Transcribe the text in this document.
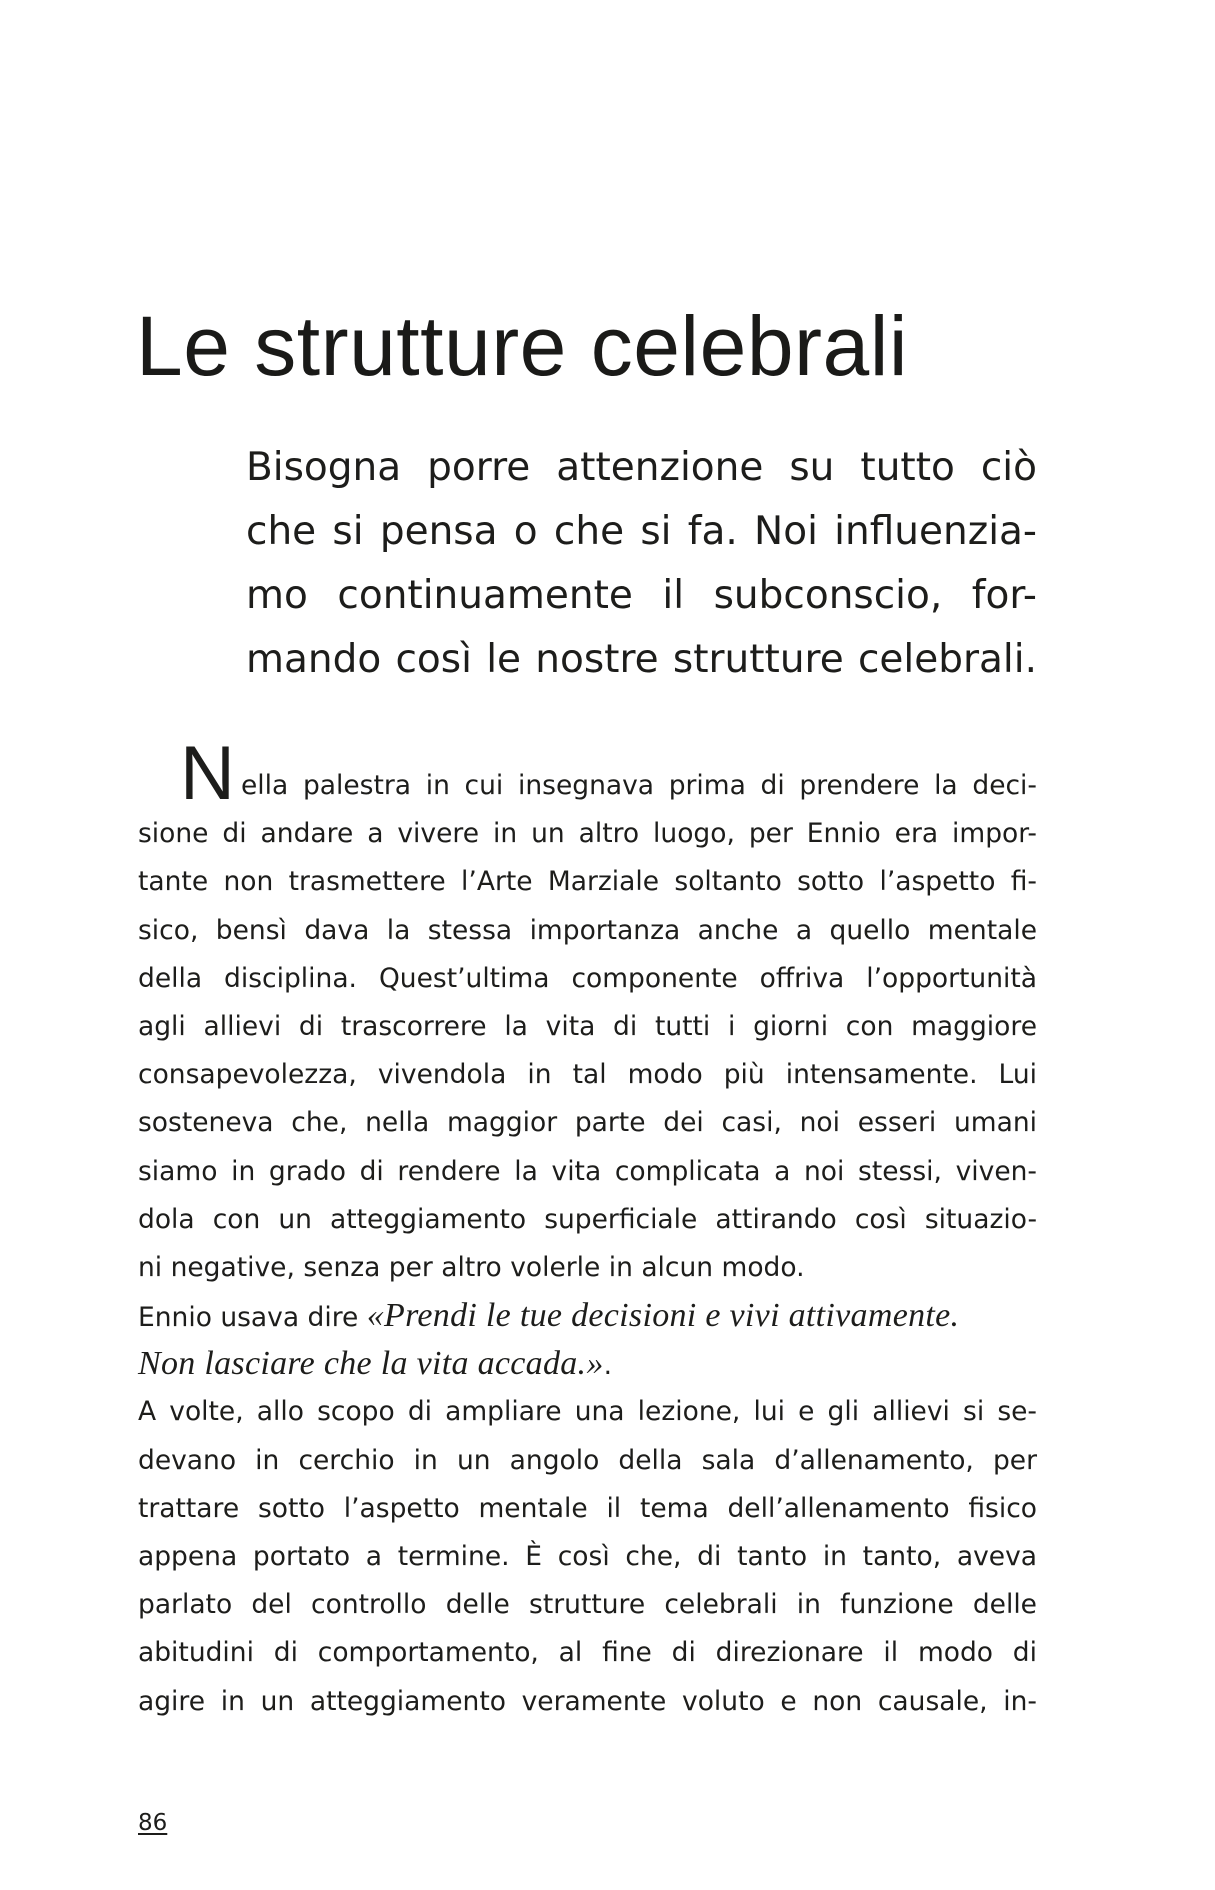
Le strutture celebrali
Bisogna porre attenzione su tutto ciò
che si pensa o che si fa. Noi influenzia-
mo continuamente il subconscio, for-
mando così le nostre strutture celebrali.
N ella palestra in cui insegnava prima di prendere la deci-
sione di andare a vivere in un altro luogo, per Ennio era impor-
tante non trasmettere l’Arte Marziale soltanto sotto l’aspetto fi-
sico, bensì dava la stessa importanza anche a quello mentale
della disciplina. Quest’ultima componente offriva l’opportunità
agli allievi di trascorrere la vita di tutti i giorni con maggiore
consapevolezza, vivendola in tal modo più intensamente. Lui
sosteneva che, nella maggior parte dei casi, noi esseri umani
siamo in grado di rendere la vita complicata a noi stessi, viven-
dola con un atteggiamento superficiale attirando così situazio-
ni negative, senza per altro volerle in alcun modo.
Ennio usava dire «Prendi le tue decisioni e vivi attivamente.
Non lasciare che la vita accada.».
A volte, allo scopo di ampliare una lezione, lui e gli allievi si se-
devano in cerchio in un angolo della sala d’allenamento, per
trattare sotto l’aspetto mentale il tema dell’allenamento fisico
appena portato a termine. È così che, di tanto in tanto, aveva
parlato del controllo delle strutture celebrali in funzione delle
abitudini di comportamento, al fine di direzionare il modo di
agire in un atteggiamento veramente voluto e non causale, in-
86
